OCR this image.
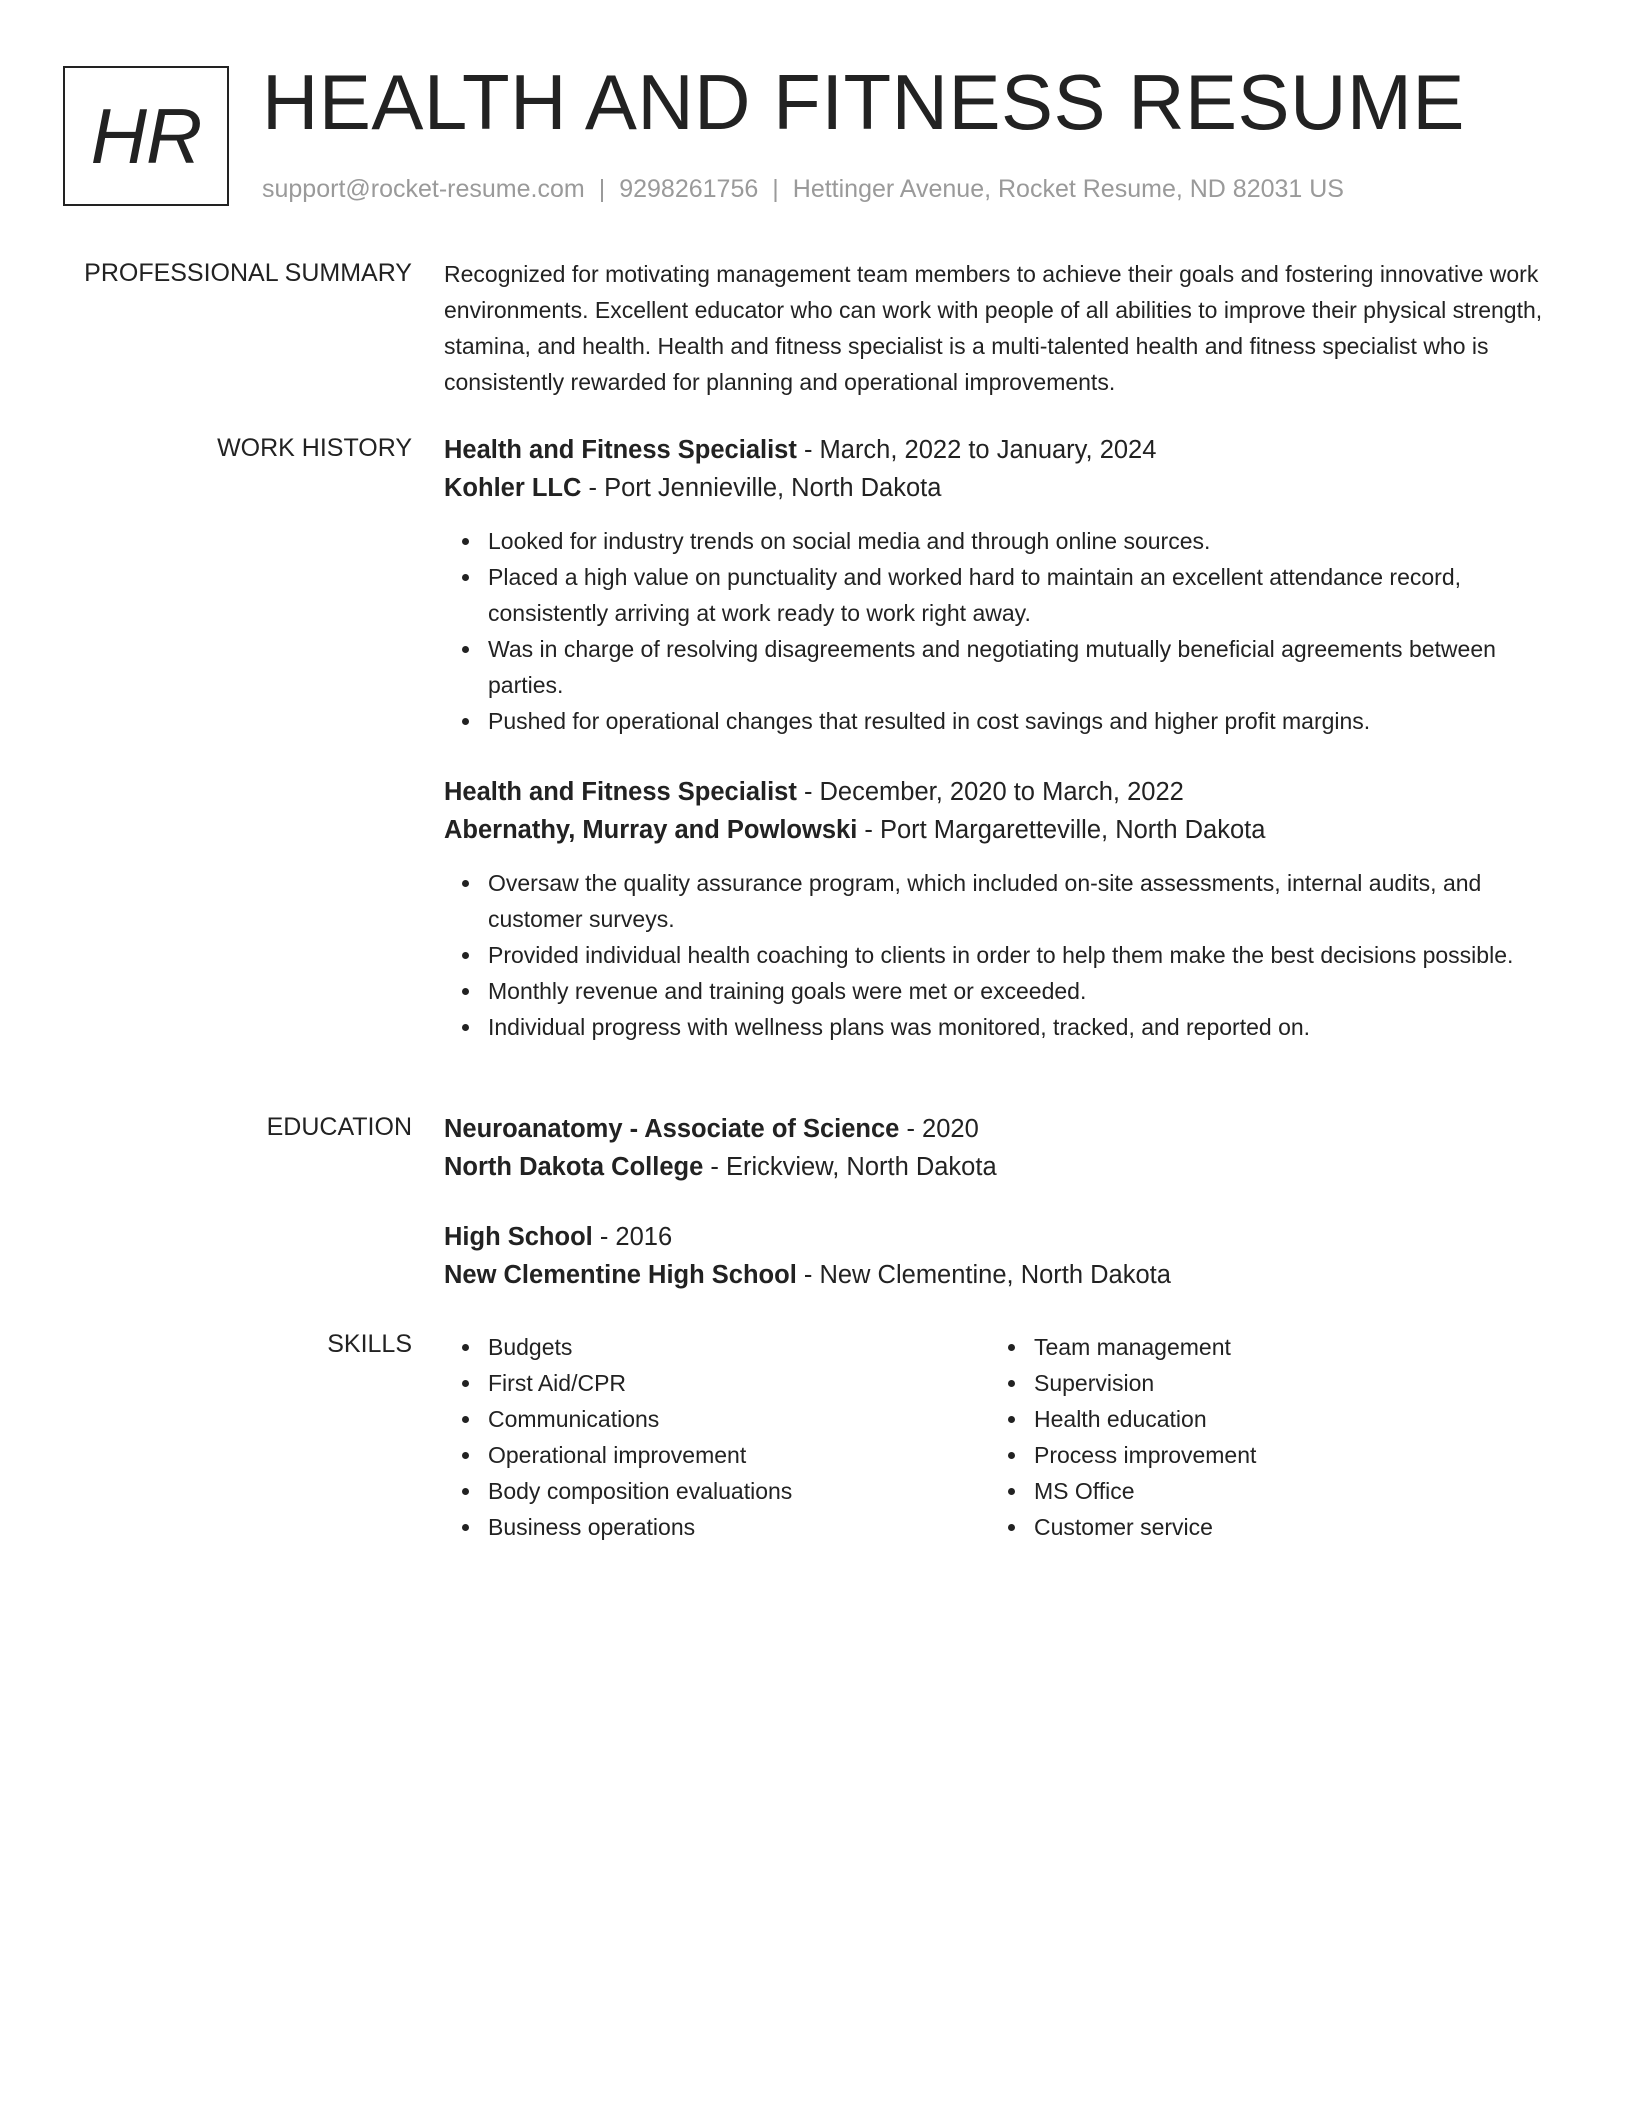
HR HEALTH AND FITNESS RESUME
support@rocket-resume.com | 9298261756 | Hettinger Avenue, Rocket Resume, ND 82031 US
PROFESSIONAL SUMMARY Recognized for motivating management team members to achieve their goals and fostering innovative work environments. Excellent educator who can work with people of all abilities to improve their physical strength, stamina, and health. Health and fitness specialist is a multi-talented health and fitness specialist who is consistently rewarded for planning and operational improvements.

WORK HISTORY Health and Fitness Specialist - March, 2022 to January, 2024
Kohler LLC - Port Jennieville, North Dakota
Looked for industry trends on social media and through online sources.
Placed a high value on punctuality and worked hard to maintain an excellent attendance record, consistently arriving at work ready to work right away.
Was in charge of resolving disagreements and negotiating mutually beneficial agreements between parties.
Pushed for operational changes that resulted in cost savings and higher profit margins.
Health and Fitness Specialist - December, 2020 to March, 2022
Abernathy, Murray and Powlowski - Port Margaretteville, North Dakota
Oversaw the quality assurance program, which included on-site assessments, internal audits, and customer surveys.
Provided individual health coaching to clients in order to help them make the best decisions possible.
Monthly revenue and training goals were met or exceeded.
Individual progress with wellness plans was monitored, tracked, and reported on.
EDUCATION Neuroanatomy - Associate of Science - 2020
North Dakota College - Erickview, North Dakota
High School - 2016
New Clementine High School - New Clementine, North Dakota
SKILLS	Budgets
First Aid/CPR
Communications
Operational improvement
Body composition evaluations
Business operations
Team management
Supervision
Health education
Process improvement
MS Office
Customer service
